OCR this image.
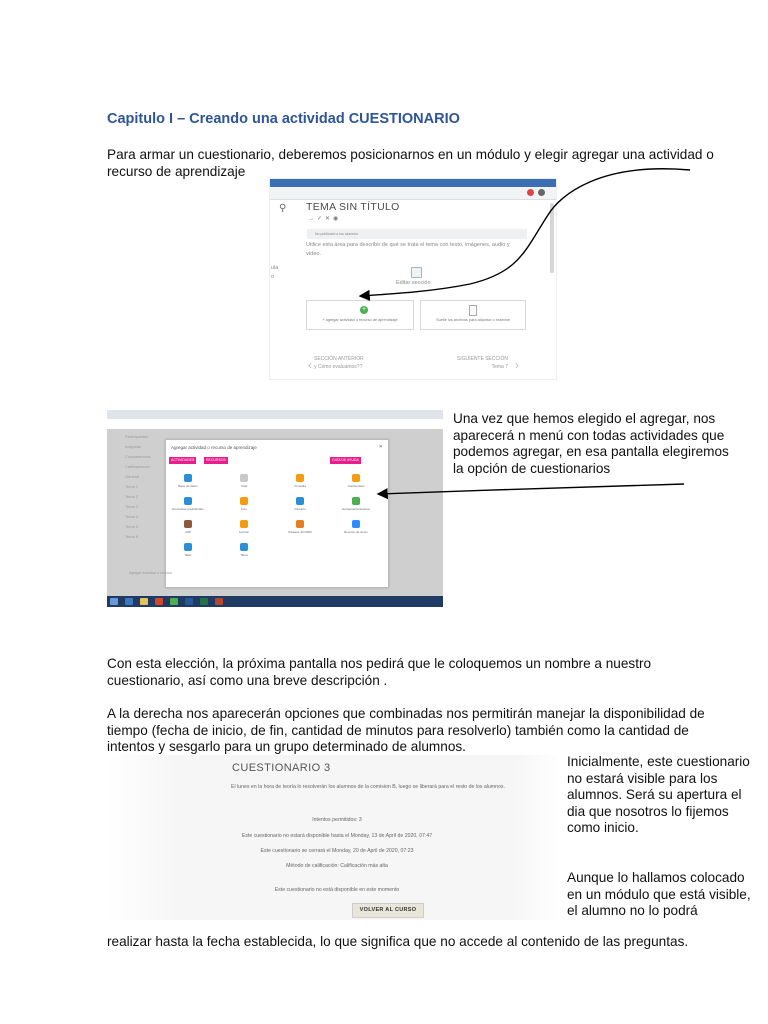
Capitulo I – Creando una actividad CUESTIONARIO
Para armar un cuestionario, deberemos posicionarnos en un módulo y elegir agregar una actividad o recurso de aprendizaje
⚲ TEMA SIN TÍTULO
→✓✕◉
No publicado a los alumnos
Utilice esta área para describir de qué se trata el tema con texto, imágenes, audio y vídeo.
ula
o
Editar sección
+
+ agregar actividad o recurso de aprendizaje	Suelte los archivos para adjuntar o examine
‹ SECCIÓN ANTERIOR
y Cómo evaluamos??
SIGUIENTE SECCIÓN
Tema 7 ›
Participantes
Insignias
Competencias
Calificaciones
General
Tema 1
Tema 2
Tema 3
Tema 4
Tema 5
Tema 6
Agregar actividad o recurso de aprendizaje	✕
ACTIVIDADES	RECURSOS	GUÍA DE AYUDA
Base de datos	Chat	Consulta	Cuestionario
Encuestas predefinidas	Foro	Glosario	Herramienta Externa
H5P	Lección	Paquete SCORM	Reunión de Zoom
Taller	Tarea
Agregar actividad o recurso
Una vez que hemos elegido el agregar, nos aparecerá n menú con todas actividades que podemos agregar, en esa pantalla elegiremos la opción de cuestionarios
Con esta elección, la próxima pantalla nos pedirá que le coloquemos un nombre a nuestro cuestionario, así como una breve descripción .
A la derecha nos aparecerán opciones que combinadas nos permitirán manejar la disponibilidad de tiempo (fecha de inicio, de fin, cantidad de minutos para resolverlo) también como la cantidad de intentos y sesgarlo para un grupo determinado de alumnos.
CUESTIONARIO 3
El lunes en la hora de teoría lo resolverán los alumnos de la comision B, luego se liberará para el resto de los alumnos.
Intentos permitidos: 3
Este cuestionario no estará disponible hasta el Monday, 13 de April de 2020, 07:47
Este cuestionario se cerrará el Monday, 20 de April de 2020, 07:23
Método de calificación: Calificación más alta
Este cuestionario no está disponible en este momento
VOLVER AL CURSO
Inicialmente, este cuestionario no estará visible para los alumnos. Será su apertura el dia que nosotros lo fijemos como inicio.
Aunque lo hallamos colocado en un módulo que está visible, el alumno no lo podrá
realizar hasta la fecha establecida, lo que significa que no accede al contenido de las preguntas.
